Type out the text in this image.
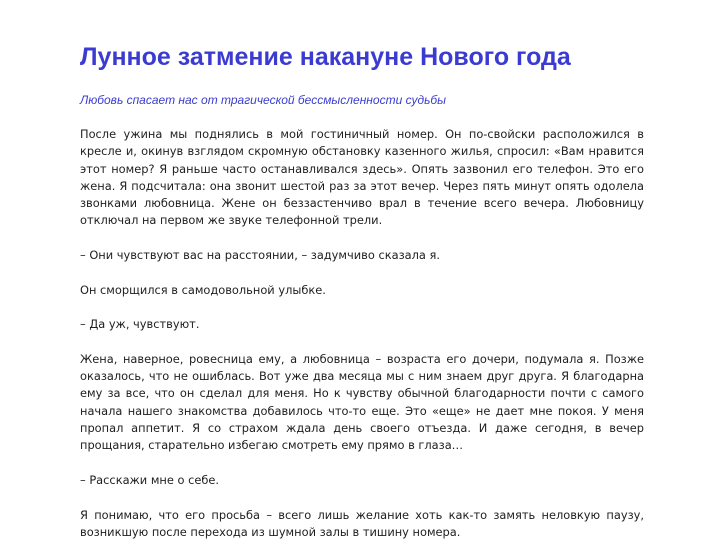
Лунное затмение накануне Нового года

Любовь спасает нас от трагической бессмысленности судьбы

После ужина мы поднялись в мой гостиничный номер. Он по-свойски расположился в кресле и, окинув взглядом скромную обстановку казенного жилья, спросил: «Вам нравится этот номер? Я раньше часто останавливался здесь». Опять зазвонил его телефон. Это его жена. Я подсчитала: она звонит шестой раз за этот вечер. Через пять минут опять одолела звонками любовница. Жене он беззастенчиво врал в течение всего вечера. Любовницу отключал на первом же звуке телефонной трели.

– Они чувствуют вас на расстоянии, – задумчиво сказала я.

Он сморщился в самодовольной улыбке.

– Да уж, чувствуют.

Жена, наверное, ровесница ему, а любовница – возраста его дочери, подумала я. Позже оказалось, что не ошиблась. Вот уже два месяца мы с ним знаем друг друга. Я благодарна ему за все, что он сделал для меня. Но к чувству обычной благодарности почти с самого начала нашего знакомства добавилось что-то еще. Это «еще» не дает мне покоя. У меня пропал аппетит. Я со страхом ждала день своего отъезда. И даже сегодня, в вечер прощания, старательно избегаю смотреть ему прямо в глаза…

– Расскажи мне о себе.

Я понимаю, что его просьба – всего лишь желание хоть как-то замять неловкую паузу, возникшую после перехода из шумной залы в тишину номера.
